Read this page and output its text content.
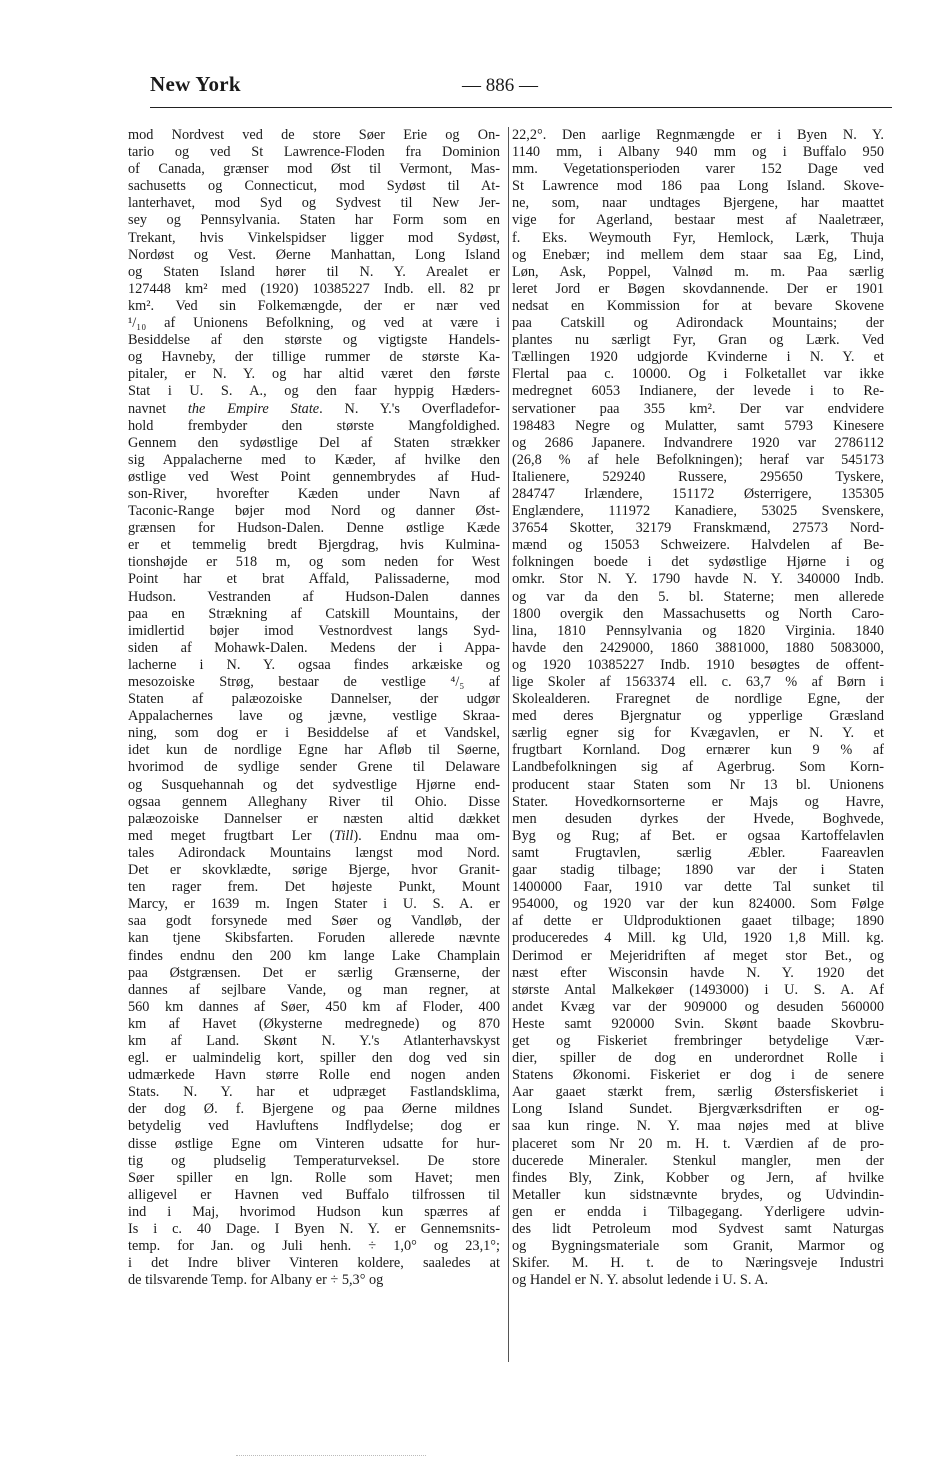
New York	— 886 —
mod Nordvest ved de store Søer Erie og On-
tario og ved St Lawrence-Floden fra Dominion
of Canada, grænser mod Øst til Vermont, Mas-
sachusetts og Connecticut, mod Sydøst til At-
lanterhavet, mod Syd og Sydvest til New Jer-
sey og Pennsylvania. Staten har Form som en
Trekant, hvis Vinkelspidser ligger mod Sydøst,
Nordøst og Vest. Øerne Manhattan, Long Island
og Staten Island hører til N. Y. Arealet er
127448 km² med (1920) 10385227 Indb. ell. 82 pr
km². Ved sin Folkemængde, der er nær ved
¹/₁₀ af Unionens Befolkning, og ved at være i
Besiddelse af den største og vigtigste Handels-
og Havneby, der tillige rummer de største Ka-
pitaler, er N. Y. og har altid været den første
Stat i U. S. A., og den faar hyppig Hæders-
navnet the Empire State. N. Y.'s Overfladefor-
hold frembyder den største Mangfoldighed.
Gennem den sydøstlige Del af Staten strækker
sig Appalacherne med to Kæder, af hvilke den
østlige ved West Point gennembrydes af Hud-
son-River, hvorefter Kæden under Navn af
Taconic-Range bøjer mod Nord og danner Øst-
grænsen for Hudson-Dalen. Denne østlige Kæde
er et temmelig bredt Bjergdrag, hvis Kulmina-
tionshøjde er 518 m, og som neden for West
Point har et brat Affald, Palissaderne, mod
Hudson. Vestranden af Hudson-Dalen dannes
paa en Strækning af Catskill Mountains, der
imidlertid bøjer imod Vestnordvest langs Syd-
siden af Mohawk-Dalen. Medens der i Appa-
lacherne i N. Y. ogsaa findes arkæiske og
mesozoiske Strøg, bestaar de vestlige ⁴/₅ af
Staten af palæozoiske Dannelser, der udgør
Appalachernes lave og jævne, vestlige Skraa-
ning, som dog er i Besiddelse af et Vandskel,
idet kun de nordlige Egne har Afløb til Søerne,
hvorimod de sydlige sender Grene til Delaware
og Susquehannah og det sydvestlige Hjørne end-
ogsaa gennem Alleghany River til Ohio. Disse
palæozoiske Dannelser er næsten altid dækket
med meget frugtbart Ler (Till). Endnu maa om-
tales Adirondack Mountains længst mod Nord.
Det er skovklædte, sørige Bjerge, hvor Granit-
ten rager frem. Det højeste Punkt, Mount
Marcy, er 1639 m. Ingen Stater i U. S. A. er
saa godt forsynede med Søer og Vandløb, der
kan tjene Skibsfarten. Foruden allerede nævnte
findes endnu den 200 km lange Lake Champlain
paa Østgrænsen. Det er særlig Grænserne, der
dannes af sejlbare Vande, og man regner, at
560 km dannes af Søer, 450 km af Floder, 400
km af Havet (Økysterne medregnede) og 870
km af Land. Skønt N. Y.'s Atlanterhavskyst
egl. er ualmindelig kort, spiller den dog ved sin
udmærkede Havn større Rolle end nogen anden
Stats. N. Y. har et udpræget Fastlandsklima,
der dog Ø. f. Bjergene og paa Øerne mildnes
betydelig ved Havluftens Indflydelse; dog er
disse østlige Egne om Vinteren udsatte for hur-
tig og pludselig Temperaturveksel. De store
Søer spiller en lgn. Rolle som Havet; men
alligevel er Havnen ved Buffalo tilfrossen til
ind i Maj, hvorimod Hudson kun spærres af
Is i c. 40 Dage. I Byen N. Y. er Gennemsnits-
temp. for Jan. og Juli henh. ÷ 1,0° og 23,1°;
i det Indre bliver Vinteren koldere, saaledes at
de tilsvarende Temp. for Albany er ÷ 5,3° og
22,2°. Den aarlige Regnmængde er i Byen N. Y.
1140 mm, i Albany 940 mm og i Buffalo 950
mm. Vegetationsperioden varer 152 Dage ved
St Lawrence mod 186 paa Long Island. Skove-
ne, som, naar undtages Bjergene, har maattet
vige for Agerland, bestaar mest af Naaletræer,
f. Eks. Weymouth Fyr, Hemlock, Lærk, Thuja
og Enebær; ind mellem dem staar saa Eg, Lind,
Løn, Ask, Poppel, Valnød m. m. Paa særlig
leret Jord er Bøgen skovdannende. Der er 1901
nedsat en Kommission for at bevare Skovene
paa Catskill og Adirondack Mountains; der
plantes nu særligt Fyr, Gran og Lærk. Ved
Tællingen 1920 udgjorde Kvinderne i N. Y. et
Flertal paa c. 10000. Og i Folketallet var ikke
medregnet 6053 Indianere, der levede i to Re-
servationer paa 355 km². Der var endvidere
198483 Negre og Mulatter, samt 5793 Kinesere
og 2686 Japanere. Indvandrere 1920 var 2786112
(26,8 % af hele Befolkningen); heraf var 545173
Italienere, 529240 Russere, 295650 Tyskere,
284747 Irlændere, 151172 Østerrigere, 135305
Englændere, 111972 Kanadiere, 53025 Svenskere,
37654 Skotter, 32179 Franskmænd, 27573 Nord-
mænd og 15053 Schweizere. Halvdelen af Be-
folkningen boede i det sydøstlige Hjørne i og
omkr. Stor N. Y. 1790 havde N. Y. 340000 Indb.
og var da den 5. bl. Staterne; men allerede
1800 overgik den Massachusetts og North Caro-
lina, 1810 Pennsylvania og 1820 Virginia. 1840
havde den 2429000, 1860 3881000, 1880 5083000,
og 1920 10385227 Indb. 1910 besøgtes de offent-
lige Skoler af 1563374 ell. c. 63,7 % af Børn i
Skolealderen. Fraregnet de nordlige Egne, der
med deres Bjergnatur og ypperlige Græsland
særlig egner sig for Kvægavlen, er N. Y. et
frugtbart Kornland. Dog ernærer kun 9 % af
Landbefolkningen sig af Agerbrug. Som Korn-
producent staar Staten som Nr 13 bl. Unionens
Stater. Hovedkornsorterne er Majs og Havre,
men desuden dyrkes der Hvede, Boghvede,
Byg og Rug; af Bet. er ogsaa Kartoffelavlen
samt Frugtavlen, særlig Æbler. Faareavlen
gaar stadig tilbage; 1890 var der i Staten
1400000 Faar, 1910 var dette Tal sunket til
954000, og 1920 var der kun 824000. Som Følge
af dette er Uldproduktionen gaaet tilbage; 1890
produceredes 4 Mill. kg Uld, 1920 1,8 Mill. kg.
Derimod er Mejeridriften af meget stor Bet., og
næst efter Wisconsin havde N. Y. 1920 det
største Antal Malkekøer (1493000) i U. S. A. Af
andet Kvæg var der 909000 og desuden 560000
Heste samt 920000 Svin. Skønt baade Skovbru-
get og Fiskeriet frembringer betydelige Vær-
dier, spiller de dog en underordnet Rolle i
Statens Økonomi. Fiskeriet er dog i de senere
Aar gaaet stærkt frem, særlig Østersfiskeriet i
Long Island Sundet. Bjergværksdriften er og-
saa kun ringe. N. Y. maa nøjes med at blive
placeret som Nr 20 m. H. t. Værdien af de pro-
ducerede Mineraler. Stenkul mangler, men der
findes Bly, Zink, Kobber og Jern, af hvilke
Metaller kun sidstnævnte brydes, og Udvindin-
gen er endda i Tilbagegang. Yderligere udvin-
des lidt Petroleum mod Sydvest samt Naturgas
og Bygningsmateriale som Granit, Marmor og
Skifer. M. H. t. de to Næringsveje Industri
og Handel er N. Y. absolut ledende i U. S. A.
